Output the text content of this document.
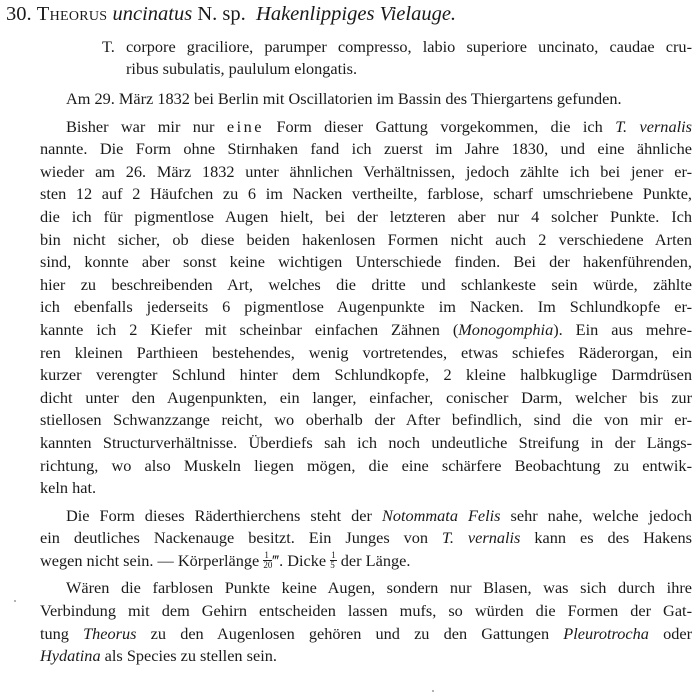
30. Theorus uncinatus N. sp. Hakenlippiges Vielauge.
T. corpore graciliore, parumper compresso, labio superiore uncinato, caudae cru-
ribus subulatis, paululum elongatis.
Am 29. März 1832 bei Berlin mit Oscillatorien im Bassin des Thiergartens gefunden.
Bisher war mir nur eine Form dieser Gattung vorgekommen, die ich T. vernalis
nannte. Die Form ohne Stirnhaken fand ich zuerst im Jahre 1830, und eine ähnliche
wieder am 26. März 1832 unter ähnlichen Verhältnissen, jedoch zählte ich bei jener er-
sten 12 auf 2 Häufchen zu 6 im Nacken vertheilte, farblose, scharf umschriebene Punkte,
die ich für pigmentlose Augen hielt, bei der letzteren aber nur 4 solcher Punkte. Ich
bin nicht sicher, ob diese beiden hakenlosen Formen nicht auch 2 verschiedene Arten
sind, konnte aber sonst keine wichtigen Unterschiede finden. Bei der hakenführenden,
hier zu beschreibenden Art, welches die dritte und schlankeste sein würde, zählte
ich ebenfalls jederseits 6 pigmentlose Augenpunkte im Nacken. Im Schlundkopfe er-
kannte ich 2 Kiefer mit scheinbar einfachen Zähnen (Monogomphia). Ein aus mehre-
ren kleinen Parthieen bestehendes, wenig vortretendes, etwas schiefes Räderorgan, ein
kurzer verengter Schlund hinter dem Schlundkopfe, 2 kleine halbkuglige Darmdrüsen
dicht unter den Augenpunkten, ein langer, einfacher, conischer Darm, welcher bis zur
stiellosen Schwanzzange reicht, wo oberhalb der After befindlich, sind die von mir er-
kannten Structurverhältnisse. Überdiefs sah ich noch undeutliche Streifung in der Längs-
richtung, wo also Muskeln liegen mögen, die eine schärfere Beobachtung zu entwik-
keln hat.
Die Form dieses Räderthierchens steht der Notommata Felis sehr nahe, welche jedoch
ein deutliches Nackenauge besitzt. Ein Junges von T. vernalis kann es des Hakens
wegen nicht sein. — Körperlänge $\frac{1}{20}$ ‴. Dicke $\frac{1}{5}$ der Länge.
Wären die farblosen Punkte keine Augen, sondern nur Blasen, was sich durch ihre
Verbindung mit dem Gehirn entscheiden lassen mufs, so würden die Formen der Gat-
tung Theorus zu den Augenlosen gehören und zu den Gattungen Pleurotrocha oder
Hydatina als Species zu stellen sein.
